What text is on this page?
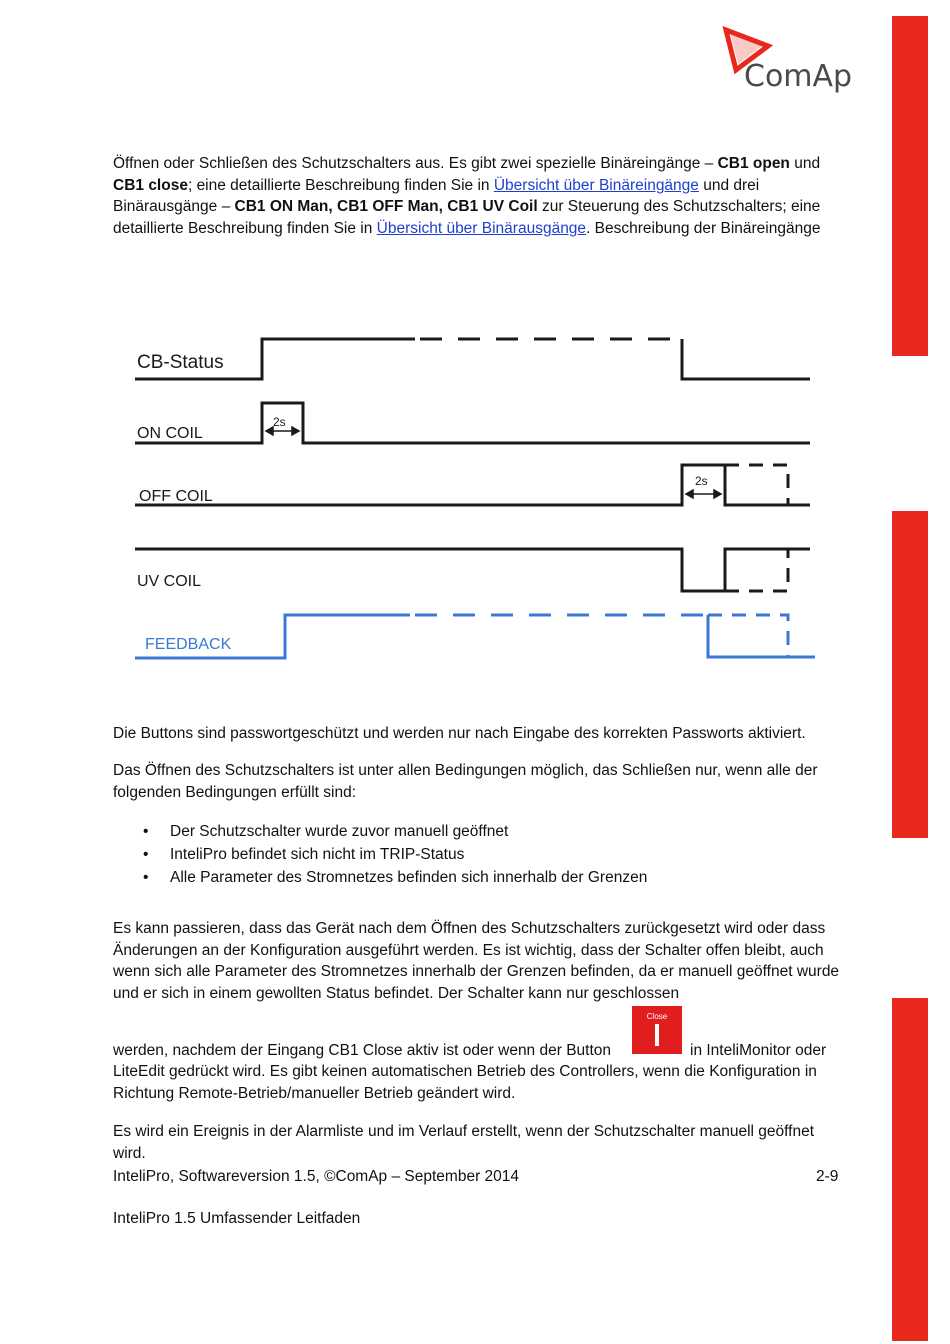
ComAp
Öffnen oder Schließen des Schutzschalters aus. Es gibt zwei spezielle Binäreingänge – CB1 open und CB1 close; eine detaillierte Beschreibung finden Sie in Übersicht über Binäreingänge und drei Binärausgänge – CB1 ON Man, CB1 OFF Man, CB1 UV Coil zur Steuerung des Schutzschalters; eine detaillierte Beschreibung finden Sie in Übersicht über Binärausgänge. Beschreibung der Binäreingänge
2s
2s
CB-Status
ON COIL
OFF COIL
UV COIL
FEEDBACK
Die Buttons sind passwortgeschützt und werden nur nach Eingabe des korrekten Passworts aktiviert.
Das Öffnen des Schutzschalters ist unter allen Bedingungen möglich, das Schließen nur, wenn alle der folgenden Bedingungen erfüllt sind:
• Der Schutzschalter wurde zuvor manuell geöffnet
• InteliPro befindet sich nicht im TRIP-Status
• Alle Parameter des Stromnetzes befinden sich innerhalb der Grenzen
Es kann passieren, dass das Gerät nach dem Öffnen des Schutzschalters zurückgesetzt wird oder dass Änderungen an der Konfiguration ausgeführt werden. Es ist wichtig, dass der Schalter offen bleibt, auch wenn sich alle Parameter des Stromnetzes innerhalb der Grenzen befinden, da er manuell geöffnet wurde und er sich in einem gewollten Status befindet. Der Schalter kann nur geschlossen
Close
werden, nachdem der Eingang CB1 Close aktiv ist oder wenn der Button	in InteliMonitor oder
LiteEdit gedrückt wird. Es gibt keinen automatischen Betrieb des Controllers, wenn die Konfiguration in Richtung Remote-Betrieb/manueller Betrieb geändert wird.
Es wird ein Ereignis in der Alarmliste und im Verlauf erstellt, wenn der Schutzschalter manuell geöffnet wird.
InteliPro, Softwareversion 1.5, ©ComAp – September 2014	2-9
InteliPro 1.5 Umfassender Leitfaden
